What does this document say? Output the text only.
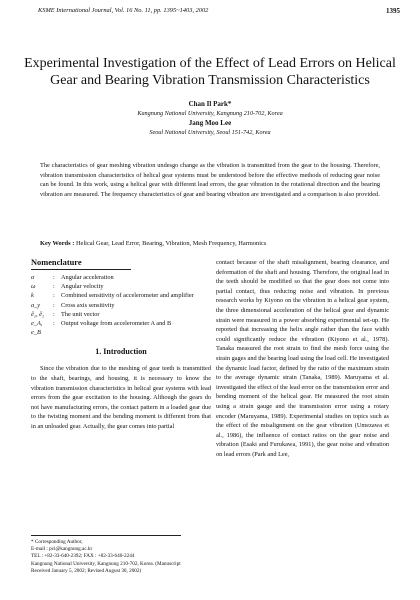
KSME International Journal, Vol. 16 No. 11, pp. 1395~1403, 2002	1395
Experimental Investigation of the Effect of Lead Errors on Helical Gear and Bearing Vibration Transmission Characteristics
Chan Il Park*
Kangnung National University, Kangnung 210-702, Korea
Jang Moo Lee
Seoul National University, Seoul 151-742, Korea
The characteristics of gear meshing vibration undesgo change as the vibration is transmitted from the gear to the housing. Therefore, vibration transmission characteristics of helical gear systems must be understood before the effective methods of reducing gear noise can be found. In this work, using a helical gear with different lead errors, the gear vibration in the rotational direction and the bearing vibration are measured. The frequency characteristics of gear and bearing vibration are investigated and a comparison is also provided.
Key Words : Helical Gear, Lead Error, Bearing, Vibration, Mesh Frequency, Harmonics
Nomenclature
α	: Angular acceleration
ω	: Angular velocity
k	: Combined sensitivity of accelerometer and amplifier
a_y	: Cross axis sensitivity
ê₁, ê₂	: The unit vector
e_A, e_B
: Output voltage from accelerometer A and B
1. Introduction

Since the vibration due to the meshing of gear teeth is transmitted to the shaft, bearings, and housing, it is necessary to know the vibration transmission characteristics in helical gear systems with lead errors from the gear excitation to the housing. Although the gears do not have manufacturing errors, the contact pattern in a loaded gear due to the twisting moment and the bending moment is different from that in an unloaded gear. Actually, the gear comes into partial

contact because of the shaft misalignment, bearing clearance, and deformation of the shaft and housing. Therefore, the original lead in the teeth should be modified so that the gear does not come into partial contact, thus reducing noise and vibration. In previous research works by Kiyono on the vibration in a helical gear system, the three dimensional acceleration of the helical gear and dynamic strain were measured in a power absorbing experimental set-up. He reported that increasing the helix angle rather than the face width could significantly reduce the vibration (Kiyono et al., 1978). Tanaka measured the root strain to find the mesh force using the strain gages and the bearing load using the load cell. He investigated the dynamic load factor, defined by the ratio of the maximum strain to the average dynamic strain (Tanaka, 1989). Maruyama et al. investigated the effect of the lead error on the transmission error and bending moment of the helical gear. He measured the root strain using a strain gauge and the transmission error using a rotary encoder (Maruyama, 1989). Experimental studies on topics such as the effect of the misalignment on the gear vibration (Umezawa et al., 1986), the influence of contact ratios on the gear noise and vibration (Esaki and Furukawa, 1991), the gear noise and vibration on lead errors (Park and Lee,
* Corresponding Author,
E-mail : pci@kangnung.ac.kr
TEL : +82-33-640-2392; FAX : +82-33-640-2244
Kangnung National University, Kangnung 210-702, Korea. (Manuscript Received January 5, 2002; Revised August 30, 2002)
